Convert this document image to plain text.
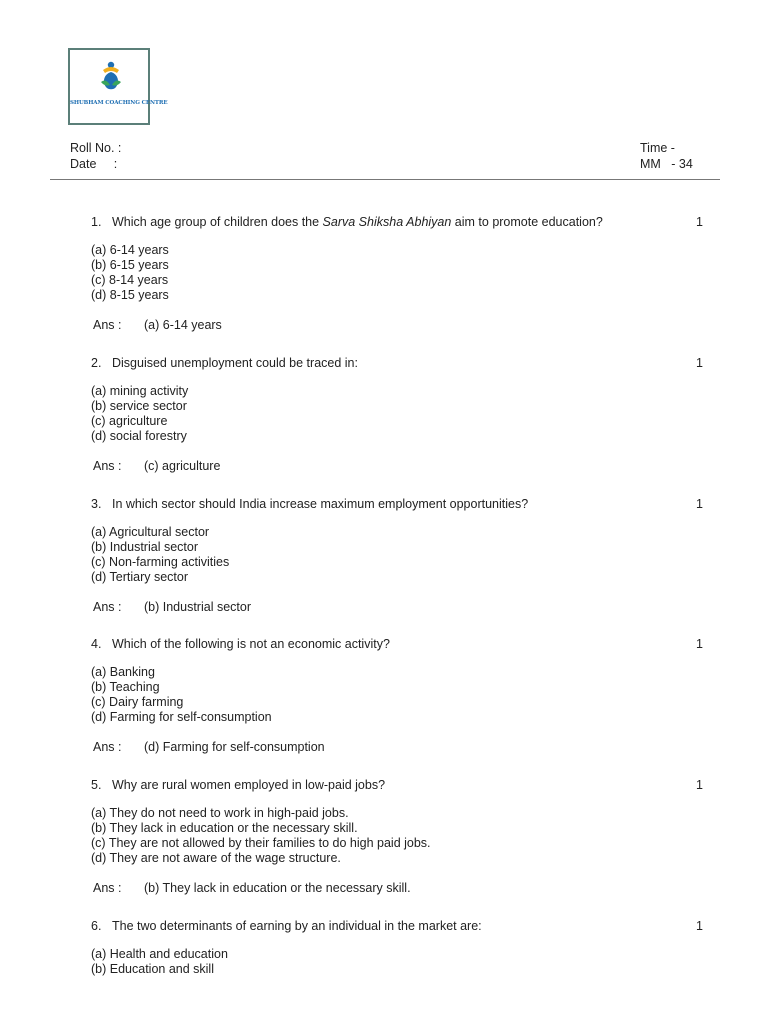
SHUBHAM COACHING CENTRE
Roll No. :
Date     :
Time -
MM   - 34
1. Which age group of children does the Sarva Shiksha Abhiyan aim to promote education?	1
(a) 6-14 years
(b) 6-15 years
(c) 8-14 years
(d) 8-15 years
Ans : (a) 6-14 years
2. Disguised unemployment could be traced in:	1
(a) mining activity
(b) service sector
(c) agriculture
(d) social forestry
Ans : (c) agriculture
3. In which sector should India increase maximum employment opportunities?	1
(a) Agricultural sector
(b) Industrial sector
(c) Non-farming activities
(d) Tertiary sector
Ans : (b) Industrial sector
4. Which of the following is not an economic activity?	1
(a) Banking
(b) Teaching
(c) Dairy farming
(d) Farming for self-consumption
Ans : (d) Farming for self-consumption
5. Why are rural women employed in low-paid jobs?	1
(a) They do not need to work in high-paid jobs.
(b) They lack in education or the necessary skill.
(c) They are not allowed by their families to do high paid jobs.
(d) They are not aware of the wage structure.
Ans : (b) They lack in education or the necessary skill.
6. The two determinants of earning by an individual in the market are:	1
(a) Health and education
(b) Education and skill
